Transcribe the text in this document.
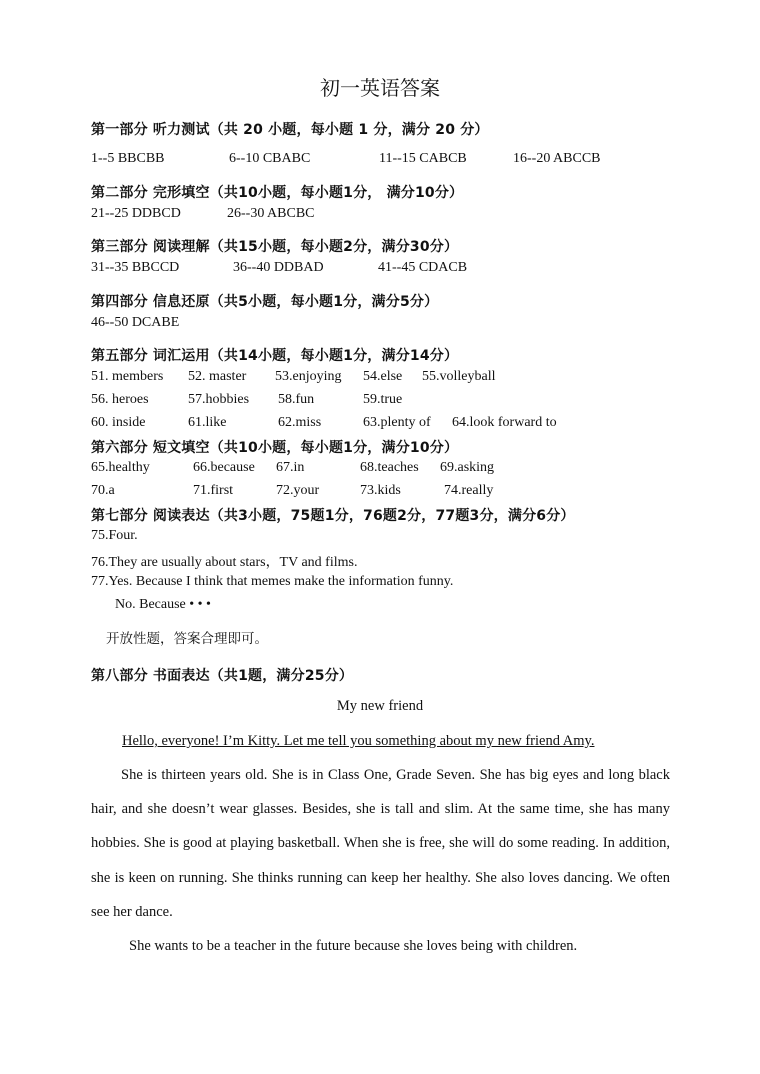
初一英语答案
第一部分 听力测试（共 20 小题，每小题 1 分，满分 20 分）
1--5 BBCBB	6--10 CBABC	11--15 CABCB	16--20 ABCCB
第二部分 完形填空（共10小题，每小题1分， 满分10分）
21--25 DDBCD	26--30 ABCBC
第三部分 阅读理解（共15小题，每小题2分，满分30分）
31--35 BBCCD	36--40 DDBAD	41--45 CDACB
第四部分 信息还原（共5小题，每小题1分，满分5分）
46--50 DCABE
第五部分 词汇运用（共14小题，每小题1分，满分14分）
51. members 52. master 53.enjoying 54.else 55.volleyball
56. heroes	57.hobbies 58.fun	59.true
60. inside	61.like	62.miss	63.plenty of 64.look forward to
第六部分 短文填空（共10小题，每小题1分，满分10分）
65.healthy	66.because 67.in	68.teaches 69.asking
70.a	71.first	72.your	73.kids	74.really
第七部分 阅读表达（共3小题，75题1分，76题2分，77题3分，满分6分）
75.Four.
76.They are usually about stars，TV and films.
77.Yes. Because I think that memes make the information funny.
No. Because • • •
开放性题，答案合理即可。
第八部分 书面表达（共1题，满分25分）
My new friend
Hello, everyone! I’m Kitty. Let me tell you something about my new friend Amy.

She is thirteen years old. She is in Class One, Grade Seven. She has big eyes and long black hair, and she doesn’t wear glasses. Besides, she is tall and slim. At the same time, she has many hobbies. She is good at playing basketball. When she is free, she will do some reading. In addition, she is keen on running. She thinks running can keep her healthy. She also loves dancing. We often see her dance.

She wants to be a teacher in the future because she loves being with children.
